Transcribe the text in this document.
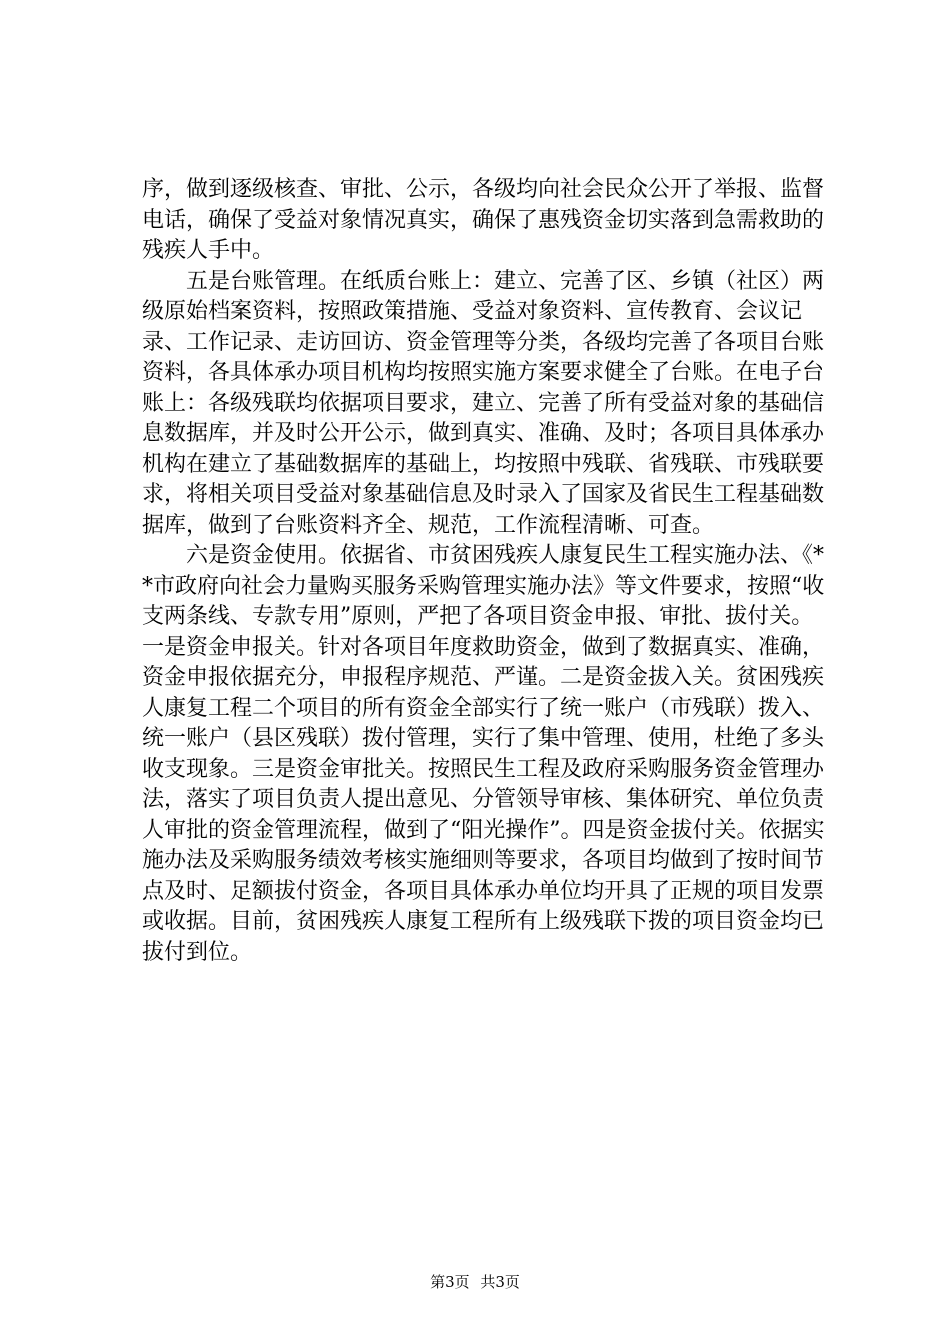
序，做到逐级核查、审批、公示，各级均向社会民众公开了举报、监督电话，确保了受益对象情况真实，确保了惠残资金切实落到急需救助的残疾人手中。

五是台账管理。在纸质台账上：建立、完善了区、乡镇（社区）两级原始档案资料，按照政策措施、受益对象资料、宣传教育、会议记录、工作记录、走访回访、资金管理等分类，各级均完善了各项目台账资料，各具体承办项目机构均按照实施方案要求健全了台账。在电子台账上：各级残联均依据项目要求，建立、完善了所有受益对象的基础信息数据库，并及时公开公示，做到真实、准确、及时；各项目具体承办机构在建立了基础数据库的基础上，均按照中残联、省残联、市残联要求，将相关项目受益对象基础信息及时录入了国家及省民生工程基础数据库，做到了台账资料齐全、规范，工作流程清晰、可查。

六是资金使用。依据省、市贫困残疾人康复民生工程实施办法、《**市政府向社会力量购买服务采购管理实施办法》等文件要求，按照“收支两条线、专款专用”原则，严把了各项目资金申报、审批、拔付关。一是资金申报关。针对各项目年度救助资金，做到了数据真实、准确，资金申报依据充分，申报程序规范、严谨。二是资金拔入关。贫困残疾人康复工程二个项目的所有资金全部实行了统一账户（市残联）拨入、统一账户（县区残联）拨付管理，实行了集中管理、使用，杜绝了多头收支现象。三是资金审批关。按照民生工程及政府采购服务资金管理办法，落实了项目负责人提出意见、分管领导审核、集体研究、单位负责人审批的资金管理流程，做到了“阳光操作”。四是资金拔付关。依据实施办法及采购服务绩效考核实施细则等要求，各项目均做到了按时间节点及时、足额拔付资金，各项目具体承办单位均开具了正规的项目发票或收据。目前，贫困残疾人康复工程所有上级残联下拨的项目资金均已拔付到位。

第3页 共3页
